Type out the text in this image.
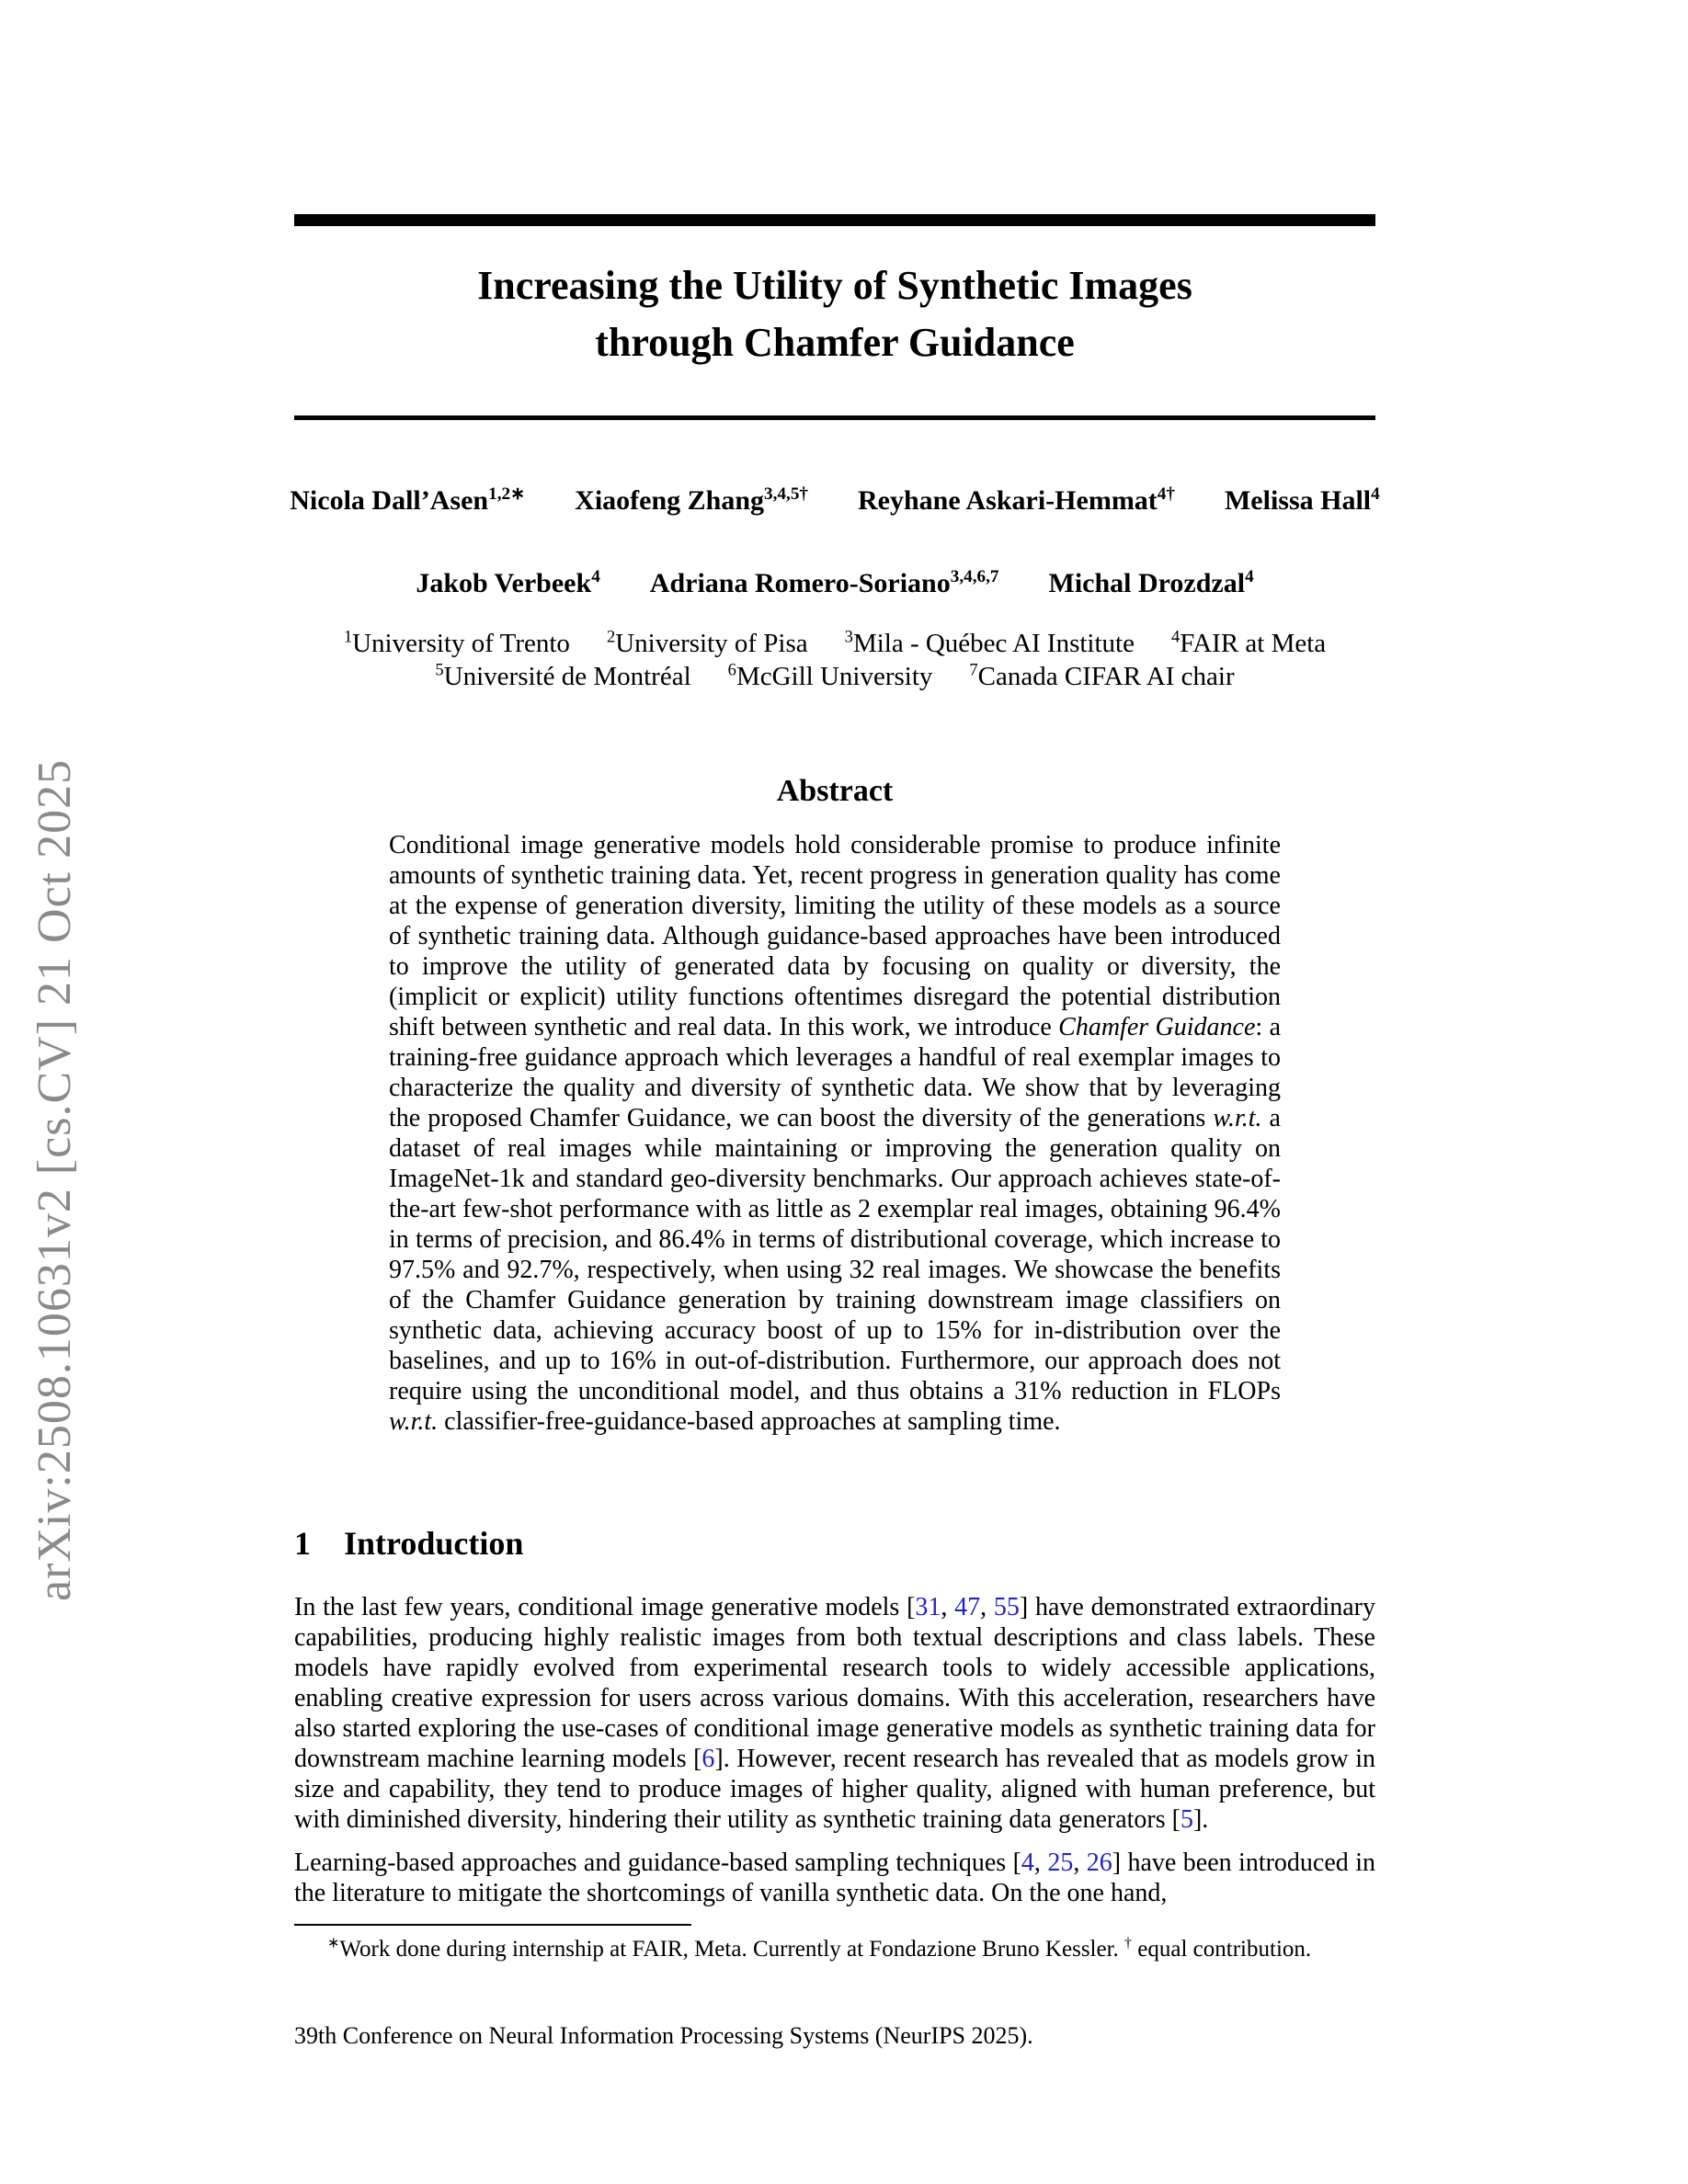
arXiv:2508.10631v2 [cs.CV] 21 Oct 2025
Increasing the Utility of Synthetic Images
through Chamfer Guidance
Nicola Dall’Asen$^{1,2∗}$ Xiaofeng Zhang$^{3,4,5\dagger}$ Reyhane Askari-Hemmat$^{4\dagger}$ Melissa Hall$^4$
Jakob Verbeek$^4$ Adriana Romero-Soriano$^{3,4,6,7}$ Michal Drozdzal$^4$
$^1$University of Trento $^2$University of Pisa $^3$Mila - Québec AI Institute $^4$FAIR at Meta
$^5$Université de Montréal $^6$McGill University $^7$Canada CIFAR AI chair
Abstract
Conditional image generative models hold considerable promise to produce infinite amounts of synthetic training data. Yet, recent progress in generation quality has come at the expense of generation diversity, limiting the utility of these models as a source of synthetic training data. Although guidance-based approaches have been introduced to improve the utility of generated data by focusing on quality or diversity, the (implicit or explicit) utility functions oftentimes disregard the potential distribution shift between synthetic and real data. In this work, we introduce Chamfer Guidance: a training-free guidance approach which leverages a handful of real exemplar images to characterize the quality and diversity of synthetic data. We show that by leveraging the proposed Chamfer Guidance, we can boost the diversity of the generations w.r.t. a dataset of real images while maintaining or improving the generation quality on ImageNet-1k and standard geo-diversity benchmarks. Our approach achieves state-of-the-art few-shot performance with as little as 2 exemplar real images, obtaining 96.4% in terms of precision, and 86.4% in terms of distributional coverage, which increase to 97.5% and 92.7%, respectively, when using 32 real images. We showcase the benefits of the Chamfer Guidance generation by training downstream image classifiers on synthetic data, achieving accuracy boost of up to 15% for in-distribution over the baselines, and up to 16% in out-of-distribution. Furthermore, our approach does not require using the unconditional model, and thus obtains a 31% reduction in FLOPs w.r.t. classifier-free-guidance-based approaches at sampling time.
1 Introduction

In the last few years, conditional image generative models [31, 47, 55] have demonstrated extraordinary capabilities, producing highly realistic images from both textual descriptions and class labels. These models have rapidly evolved from experimental research tools to widely accessible applications, enabling creative expression for users across various domains. With this acceleration, researchers have also started exploring the use-cases of conditional image generative models as synthetic training data for downstream machine learning models [6]. However, recent research has revealed that as models grow in size and capability, they tend to produce images of higher quality, aligned with human preference, but with diminished diversity, hindering their utility as synthetic training data generators [5].

Learning-based approaches and guidance-based sampling techniques [4, 25, 26] have been introduced in the literature to mitigate the shortcomings of vanilla synthetic data. On the one hand,

∗Work done during internship at FAIR, Meta. Currently at Fondazione Bruno Kessler. † equal contribution.
39th Conference on Neural Information Processing Systems (NeurIPS 2025).
